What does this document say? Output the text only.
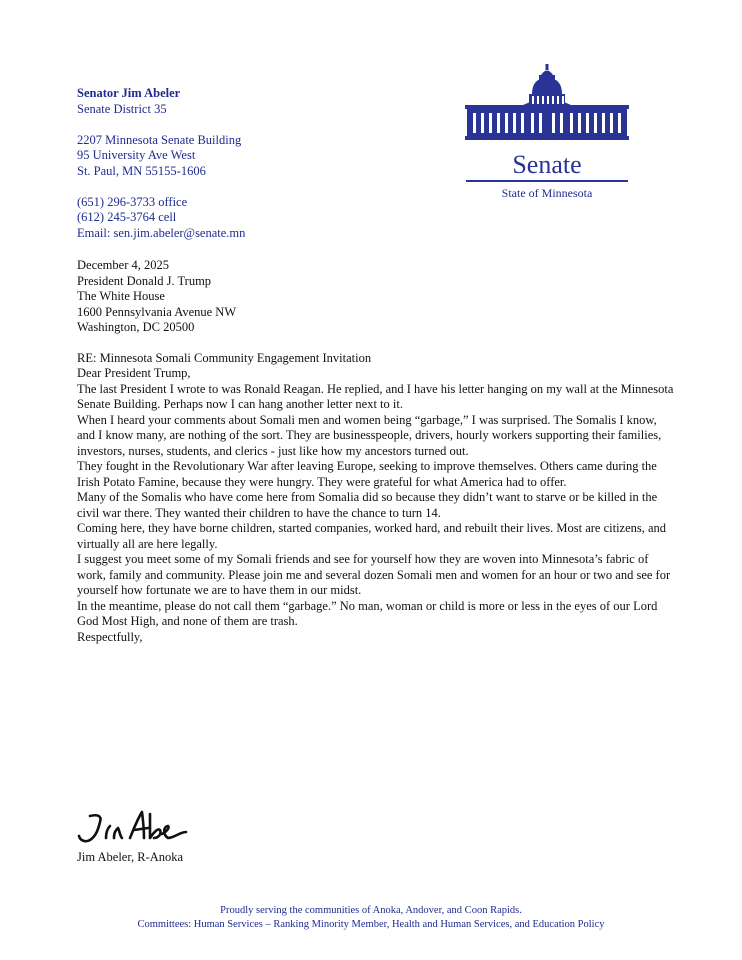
Senator Jim Abeler
Senate District 35
2207 Minnesota Senate Building
95 University Ave West
St. Paul, MN 55155-1606
(651) 296-3733 office
(612) 245-3764 cell
Email: sen.jim.abeler@senate.mn
Senate
State of Minnesota

December 4, 2025

President Donald J. Trump

The White House

1600 Pennsylvania Avenue NW

Washington, DC 20500

RE: Minnesota Somali Community Engagement Invitation

Dear President Trump,

The last President I wrote to was Ronald Reagan. He replied, and I have his letter hanging on my wall at the Minnesota Senate Building. Perhaps now I can hang another letter next to it.

When I heard your comments about Somali men and women being “garbage,” I was surprised. The Somalis I know, and I know many, are nothing of the sort. They are businesspeople, drivers, hourly workers supporting their families, investors, nurses, students, and clerics - just like how my ancestors turned out.

They fought in the Revolutionary War after leaving Europe, seeking to improve themselves. Others came during the Irish Potato Famine, because they were hungry. They were grateful for what America had to offer.

Many of the Somalis who have come here from Somalia did so because they didn’t want to starve or be killed in the civil war there. They wanted their children to have the chance to turn 14.

Coming here, they have borne children, started companies, worked hard, and rebuilt their lives. Most are citizens, and virtually all are here legally.

I suggest you meet some of my Somali friends and see for yourself how they are woven into Minnesota’s fabric of work, family and community. Please join me and several dozen Somali men and women for an hour or two and see for yourself how fortunate we are to have them in our midst.

In the meantime, please do not call them “garbage.” No man, woman or child is more or less in the eyes of our Lord God Most High, and none of them are trash.

Respectfully,

Jim Abeler, R-Anoka
Proudly serving the communities of Anoka, Andover, and Coon Rapids.
Committees: Human Services – Ranking Minority Member, Health and Human Services, and Education Policy
